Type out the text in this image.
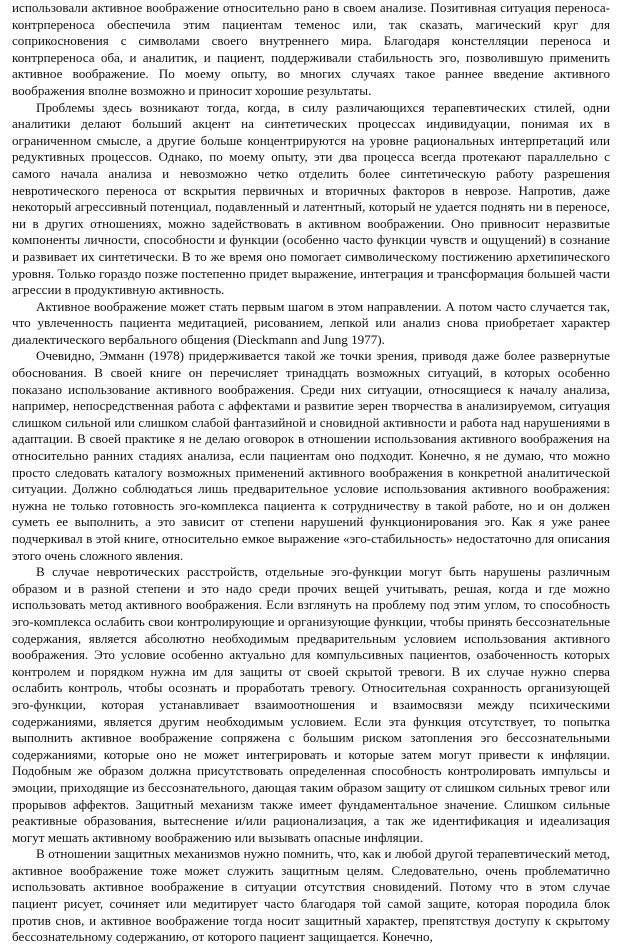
использовали активное воображение относительно рано в своем анализе. Позитивная ситуация переноса-контрпереноса обеспечила этим пациентам теменос или, так сказать, магический круг для соприкосновения с символами своего внутреннего мира. Благодаря констелляции переноса и контрпереноса оба, и аналитик, и пациент, поддерживали стабильность эго, позволившую применить активное воображение. По моему опыту, во многих случаях такое раннее введение активного воображения вполне возможно и приносит хорошие результаты.

Проблемы здесь возникают тогда, когда, в силу различающихся терапевтических стилей, одни аналитики делают больший акцент на синтетических процессах индивидуации, понимая их в ограниченном смысле, а другие больше концентрируются на уровне рациональных интерпретаций или редуктивных процессов. Однако, по моему опыту, эти два процесса всегда протекают параллельно с самого начала анализа и невозможно четко отделить более синтетическую работу разрешения невротического переноса от вскрытия первичных и вторичных факторов в неврозе. Напротив, даже некоторый агрессивный потенциал, подавленный и латентный, который не удается поднять ни в переносе, ни в других отношениях, можно задействовать в активном воображении. Оно привносит неразвитые компоненты личности, способности и функции (особенно часто функции чувств и ощущений) в сознание и развивает их синтетически. В то же время оно помогает символическому постижению архетипического уровня. Только гораздо позже постепенно придет выражение, интеграция и трансформация большей части агрессии в продуктивную активность.

Активное воображение может стать первым шагом в этом направлении. А потом часто случается так, что увлеченность пациента медитацией, рисованием, лепкой или анализ снова приобретает характер диалектического вербального общения (Dieckmann and Jung 1977).

Очевидно, Эмманн (1978) придерживается такой же точки зрения, приводя даже более развернутые обоснования. В своей книге он перечисляет тринадцать возможных ситуаций, в которых особенно показано использование активного воображения. Среди них ситуации, относящиеся к началу анализа, например, непосредственная работа с аффектами и развитие зерен творчества в анализируемом, ситуация слишком сильной или слишком слабой фантазийной и сновидной активности и работа над нарушениями в адаптации. В своей практике я не делаю оговорок в отношении использования активного воображения на относительно ранних стадиях анализа, если пациентам оно подходит. Конечно, я не думаю, что можно просто следовать каталогу возможных применений активного воображения в конкретной аналитической ситуации. Должно соблюдаться лишь предварительное условие использования активного воображения: нужна не только готовность эго-комплекса пациента к сотрудничеству в такой работе, но и он должен суметь ее выполнить, а это зависит от степени нарушений функционирования эго. Как я уже ранее подчеркивал в этой книге, относительно емкое выражение «эго-стабильность» недостаточно для описания этого очень сложного явления.

В случае невротических расстройств, отдельные эго-функции могут быть нарушены различным образом и в разной степени и это надо среди прочих вещей учитывать, решая, когда и где можно использовать метод активного воображения. Если взглянуть на проблему под этим углом, то способность эго-комплекса ослабить свои контролирующие и организующие функции, чтобы принять бессознательные содержания, является абсолютно необходимым предварительным условием использования активного воображения. Это условие особенно актуально для компульсивных пациентов, озабоченность которых контролем и порядком нужна им для защиты от своей скрытой тревоги. В их случае нужно сперва ослабить контроль, чтобы осознать и проработать тревогу. Относительная сохранность организующей эго-функции, которая устанавливает взаимоотношения и взаимосвязи между психическими содержаниями, является другим необходимым условием. Если эта функция отсутствует, то попытка выполнить активное воображение сопряжена с большим риском затопления эго бессознательными содержаниями, которые оно не может интегрировать и которые затем могут привести к инфляции. Подобным же образом должна присутствовать определенная способность контролировать импульсы и эмоции, приходящие из бессознательного, дающая таким образом защиту от слишком сильных тревог или прорывов аффектов. Защитный механизм также имеет фундаментальное значение. Слишком сильные реактивные образования, вытеснение и/или рационализация, а так же идентификация и идеализация могут мешать активному воображению или вызывать опасные инфляции.

В отношении защитных механизмов нужно помнить, что, как и любой другой терапевтический метод, активное воображение тоже может служить защитным целям. Следовательно, очень проблематично использовать активное воображение в ситуации отсутствия сновидений. Потому что в этом случае пациент рисует, сочиняет или медитирует часто благодаря той самой защите, которая породила блок против снов, и активное воображение тогда носит защитный характер, препятствуя доступу к скрытому бессознательному содержанию, от которого пациент защищается. Конечно,
